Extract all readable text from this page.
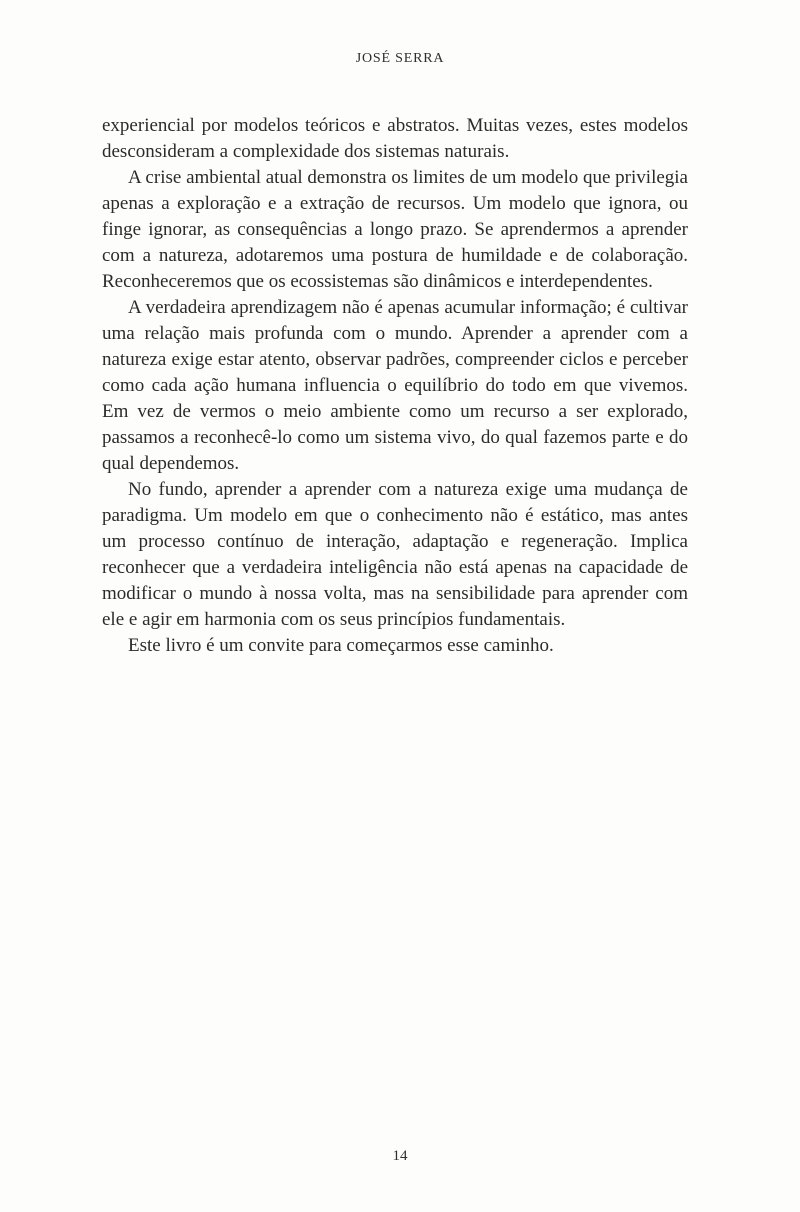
JOSÉ SERRA

experiencial por modelos teóricos e abstratos. Muitas vezes, estes modelos desconsideram a complexidade dos sistemas naturais.

A crise ambiental atual demonstra os limites de um modelo que privilegia apenas a exploração e a extração de recursos. Um modelo que ignora, ou finge ignorar, as consequências a longo prazo. Se aprendermos a aprender com a natureza, adotaremos uma postura de humildade e de colaboração. Reconheceremos que os ecossistemas são dinâmicos e interdependentes.

A verdadeira aprendizagem não é apenas acumular informação; é cultivar uma relação mais profunda com o mundo. Aprender a aprender com a natureza exige estar atento, observar padrões, compreender ciclos e perceber como cada ação humana influencia o equilíbrio do todo em que vivemos. Em vez de vermos o meio ambiente como um recurso a ser explorado, passamos a reconhecê-lo como um sistema vivo, do qual fazemos parte e do qual dependemos.

No fundo, aprender a aprender com a natureza exige uma mudança de paradigma. Um modelo em que o conhecimento não é estático, mas antes um processo contínuo de interação, adaptação e regeneração. Implica reconhecer que a verdadeira inteligência não está apenas na capacidade de modificar o mundo à nossa volta, mas na sensibilidade para aprender com ele e agir em harmonia com os seus princípios fundamentais.

Este livro é um convite para começarmos esse caminho.

14
